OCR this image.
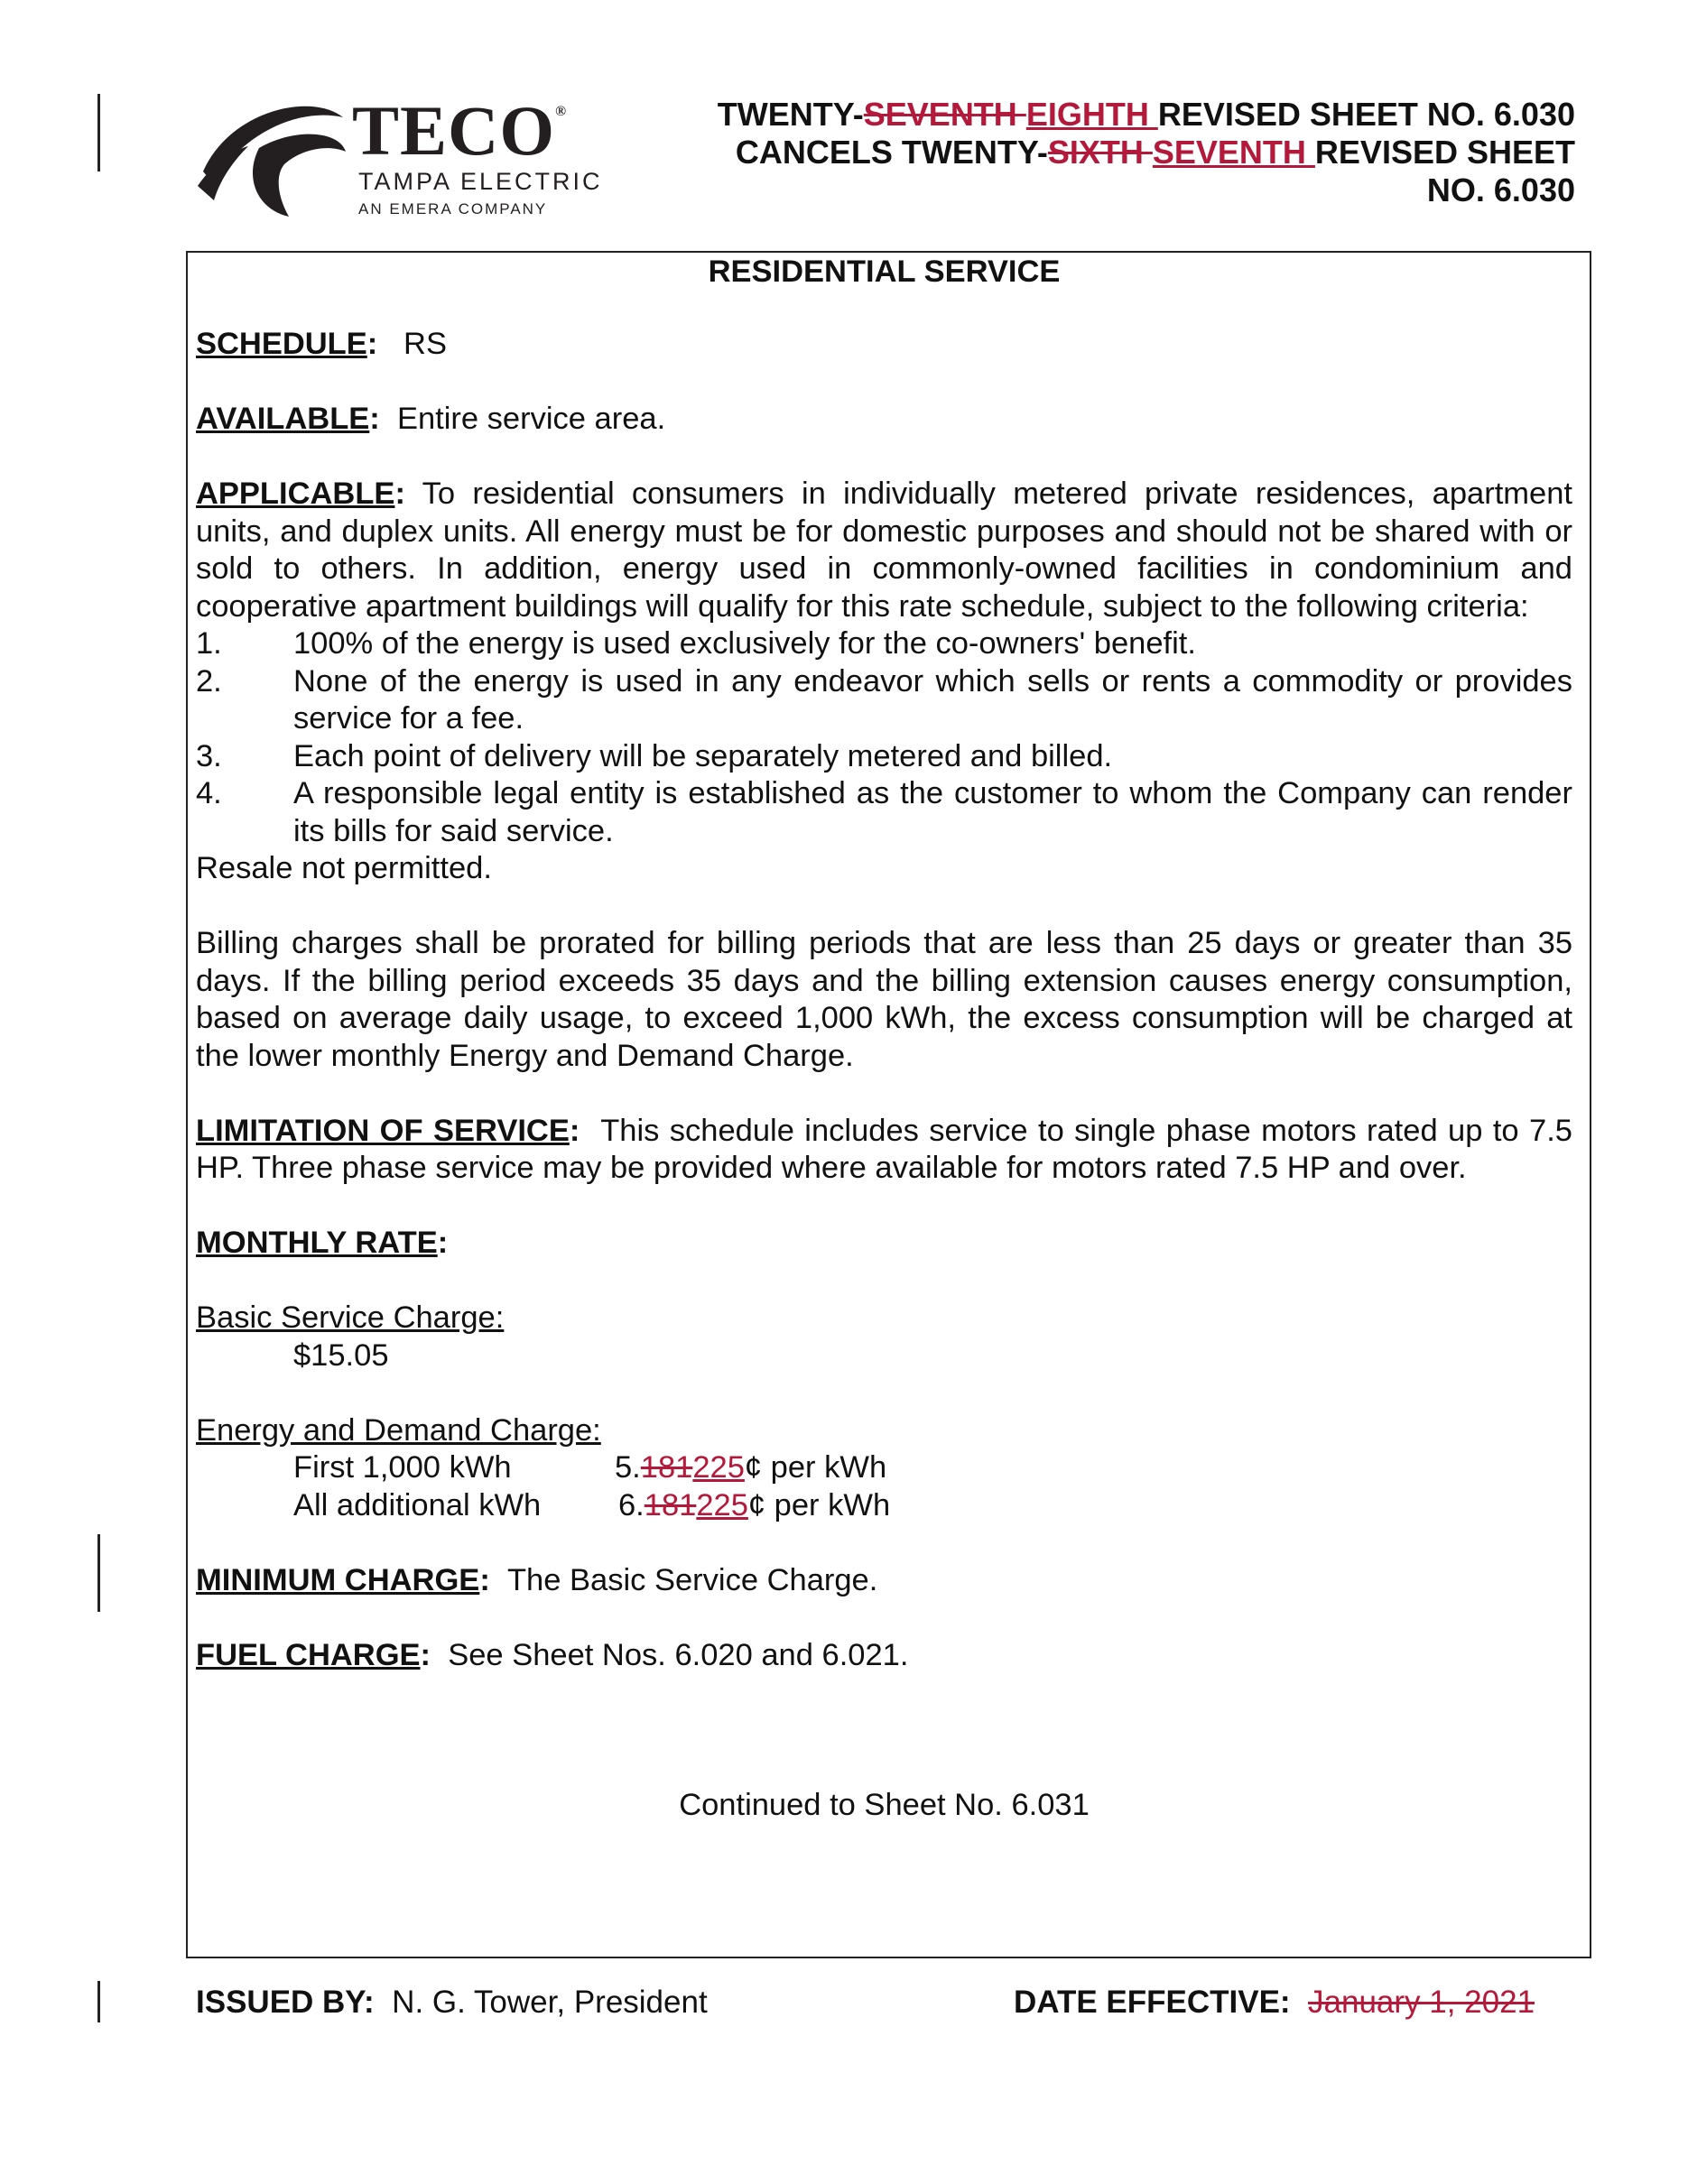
TECO®
TAMPA ELECTRIC
AN EMERA COMPANY
TWENTY-SEVENTH EIGHTH REVISED SHEET NO. 6.030
CANCELS TWENTY-SIXTH SEVENTH REVISED SHEET
NO. 6.030
RESIDENTIAL SERVICE
SCHEDULE: RS
AVAILABLE: Entire service area.
APPLICABLE: To residential consumers in individually metered private residences, apartment units, and duplex units. All energy must be for domestic purposes and should not be shared with or sold to others. In addition, energy used in commonly-owned facilities in condominium and cooperative apartment buildings will qualify for this rate schedule, subject to the following criteria:
1.	100% of the energy is used exclusively for the co-owners' benefit.
2.	None of the energy is used in any endeavor which sells or rents a commodity or provides service for a fee.
3.	Each point of delivery will be separately metered and billed.
4.	A responsible legal entity is established as the customer to whom the Company can render its bills for said service.
Resale not permitted.
Billing charges shall be prorated for billing periods that are less than 25 days or greater than 35 days. If the billing period exceeds 35 days and the billing extension causes energy consumption, based on average daily usage, to exceed 1,000 kWh, the excess consumption will be charged at the lower monthly Energy and Demand Charge.
LIMITATION OF SERVICE: This schedule includes service to single phase motors rated up to 7.5 HP. Three phase service may be provided where available for motors rated 7.5 HP and over.
MONTHLY RATE:
Basic Service Charge:
$15.05
Energy and Demand Charge:
First 1,000 kWh	5.181225¢ per kWh
All additional kWh	6.181225¢ per kWh
MINIMUM CHARGE: The Basic Service Charge.
FUEL CHARGE: See Sheet Nos. 6.020 and 6.021.
Continued to Sheet No. 6.031
ISSUED BY: N. G. Tower, President	DATE EFFECTIVE: January 1, 2021
